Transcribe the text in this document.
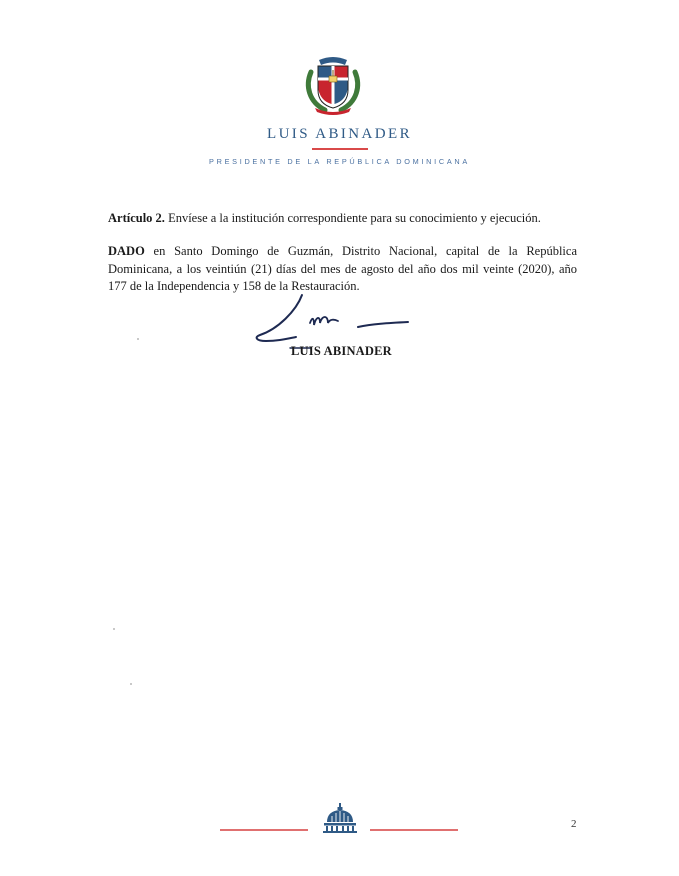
LUIS ABINADER
PRESIDENTE DE LA REPÚBLICA DOMINICANA
Artículo 2. Envíese a la institución correspondiente para su conocimiento y ejecución.
DADO en Santo Domingo de Guzmán, Distrito Nacional, capital de la República Dominicana, a los veintiún (21) días del mes de agosto del año dos mil veinte (2020), año 177 de la Independencia y 158 de la Restauración.
LUIS ABINADER
2
